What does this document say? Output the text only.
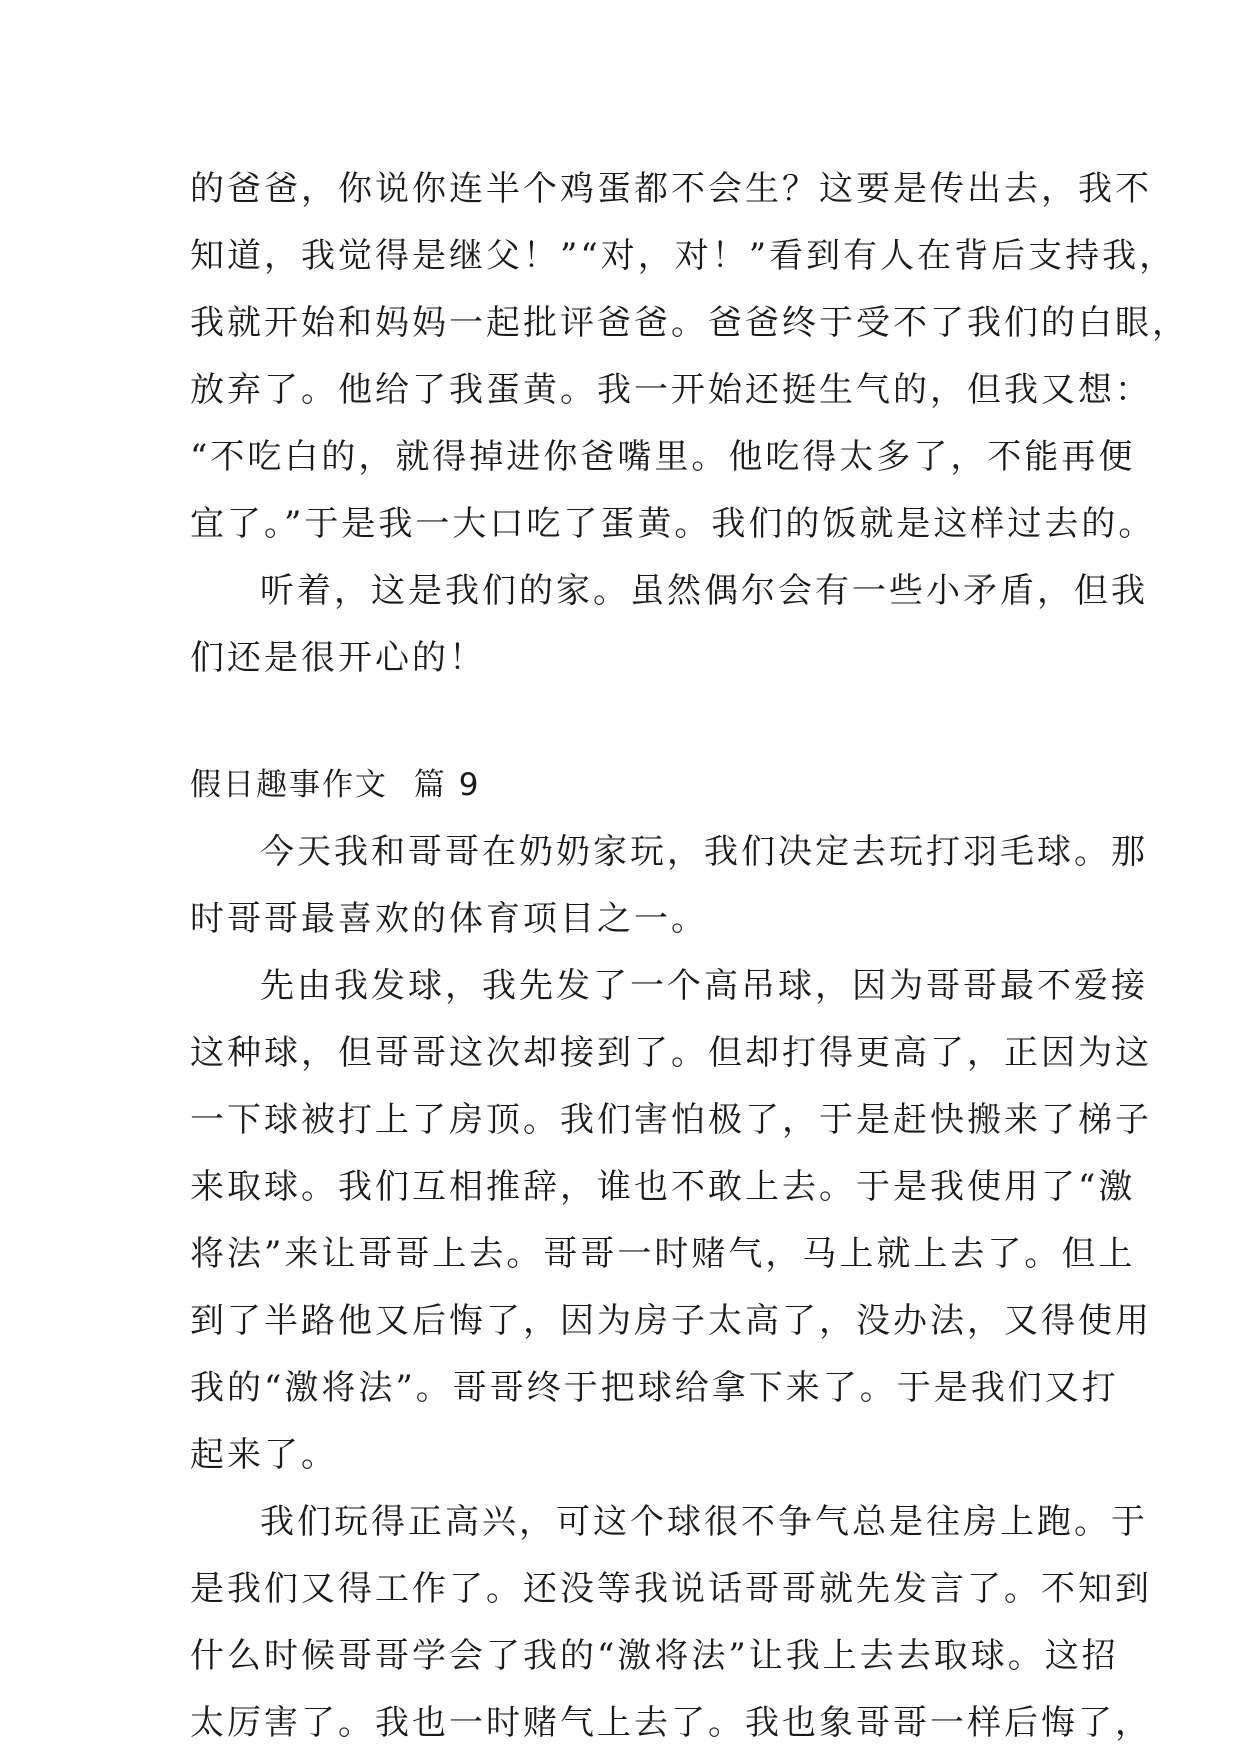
的爸爸，你说你连半个鸡蛋都不会生？这要是传出去，我不
知道，我觉得是继父！”“对，对！”看到有人在背后支持我，
我就开始和妈妈一起批评爸爸。爸爸终于受不了我们的白眼，
放弃了。他给了我蛋黄。我一开始还挺生气的，但我又想：
“不吃白的，就得掉进你爸嘴里。他吃得太多了，不能再便
宜了。”于是我一大口吃了蛋黄。我们的饭就是这样过去的。
听着，这是我们的家。虽然偶尔会有一些小矛盾，但我
们还是很开心的！
假日趣事作文 篇 9
今天我和哥哥在奶奶家玩，我们决定去玩打羽毛球。那
时哥哥最喜欢的体育项目之一。
先由我发球，我先发了一个高吊球，因为哥哥最不爱接
这种球，但哥哥这次却接到了。但却打得更高了，正因为这
一下球被打上了房顶。我们害怕极了，于是赶快搬来了梯子
来取球。我们互相推辞，谁也不敢上去。于是我使用了“激
将法”来让哥哥上去。哥哥一时赌气，马上就上去了。但上
到了半路他又后悔了，因为房子太高了，没办法，又得使用
我的“激将法”。哥哥终于把球给拿下来了。于是我们又打
起来了。
我们玩得正高兴，可这个球很不争气总是往房上跑。于
是我们又得工作了。还没等我说话哥哥就先发言了。不知到
什么时候哥哥学会了我的“激将法”让我上去去取球。这招
太厉害了。我也一时赌气上去了。我也象哥哥一样后悔了，
